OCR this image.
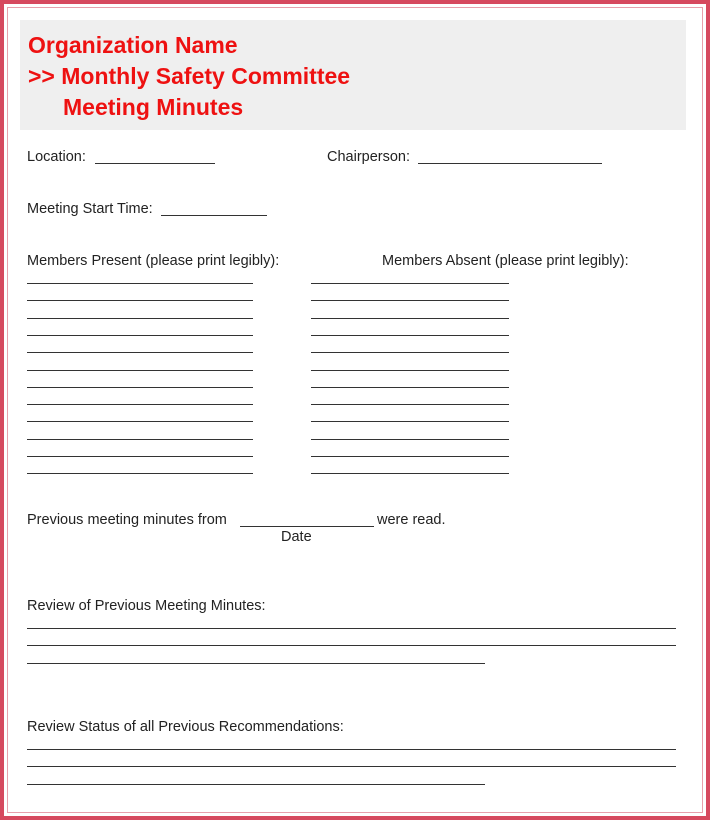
Organization Name
>> Monthly Safety Committee
Meeting Minutes
Location:	Chairperson:
Meeting Start Time:
Members Present (please print legibly):	Members Absent (please print legibly):
Previous meeting minutes from	were read.
Date
Review of Previous Meeting Minutes:
Review Status of all Previous Recommendations:
